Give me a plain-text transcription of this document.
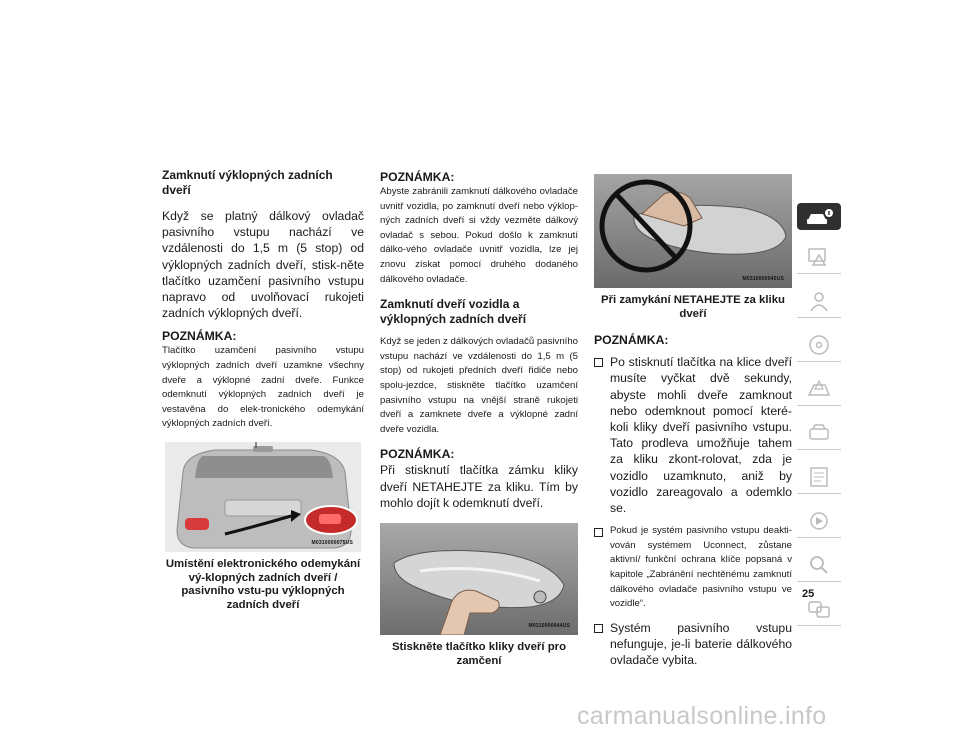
Zamknutí výklopných zadních dveří

Když se platný dálkový ovladač pasivního vstupu nachází ve vzdálenosti do 1,5 m (5 stop) od výklopných zadních dveří, stisk-něte tlačítko uzamčení pasivního vstupu napravo od uvolňovací rukojeti zadních výklopných dveří.

POZNÁMKA:

Tlačítko uzamčení pasivního vstupu výklopných zadních dveří uzamkne všechny dveře a výklopné zadní dveře. Funkce odemknutí výklopných zadních dveří je vestavěna do elek-tronického odemykání výklopných zadních dveří.

M0310000075US

Umístění elektronického odemykání vý-klopných zadních dveří / pasivního vstu-pu výklopných zadních dveří

POZNÁMKA:

Abyste zabránili zamknutí dálkového ovladače uvnitř vozidla, po zamknutí dveří nebo výklop-ných zadních dveří si vždy vezměte dálkový ovladač s sebou. Pokud došlo k zamknutí dálko-vého ovladače uvnitř vozidla, lze jej znovu získat pomocí druhého dodaného dálkového ovladače.

Zamknutí dveří vozidla a výklopných zadních dveří

Když se jeden z dálkových ovladačů pasivního vstupu nachází ve vzdálenosti do 1,5 m (5 stop) od rukojeti předních dveří řidiče nebo spolu-jezdce, stiskněte tlačítko uzamčení pasivního vstupu na vnější straně rukojeti dveří a zamknete dveře a výklopné zadní dveře vozidla.

POZNÁMKA:

Při stisknutí tlačítka zámku kliky dveří NETAHEJTE za kliku. Tím by mohlo dojít k odemknutí dveří.

M0310000044US

Stiskněte tlačítko kliky dveří pro zamčení

M0310000045US

Při zamykání NETAHEJTE za kliku dveří

POZNÁMKA:

Po stisknutí tlačítka na klice dveří musíte vyčkat dvě sekundy, abyste mohli dveře zamknout nebo odemknout pomocí které-koli kliky dveří pasivního vstupu. Tato prodleva umožňuje tahem za kliku zkont-rolovat, zda je vozidlo uzamknuto, aniž by vozidlo zareagovalo a odemklo se.
Pokud je systém pasivního vstupu deakti-vován systémem Uconnect, zůstane aktivní/ funkční ochrana klíče popsaná v kapitole „Zabránění nechtěnému zamknutí dálkového ovladače pasivního vstupu ve vozidle“.
Systém pasivního vstupu nefunguje, je-li baterie dálkového ovladače vybita.
25
carmanualsonline.info
